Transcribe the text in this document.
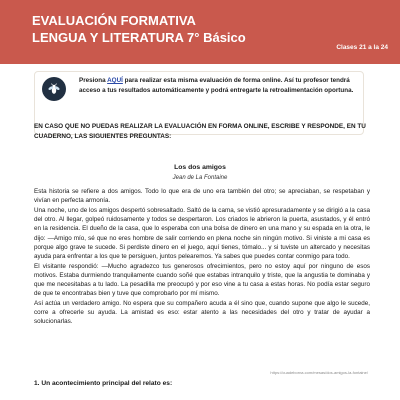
EVALUACIÓN FORMATIVA
LENGUA Y LITERATURA 7° Básico
Clases 21 a la 24
Presiona AQUÍ para realizar esta misma evaluación de forma online. Así tu profesor tendrá acceso a tus resultados automáticamente y podrá entregarte la retroalimentación oportuna.
EN CASO QUE NO PUEDAS REALIZAR LA EVALUACIÓN EN FORMA ONLINE, ESCRIBE Y RESPONDE, EN TU CUADERNO, LAS SIGUIENTES PREGUNTAS:
Los dos amigos
Jean de La Fontaine

Esta historia se refiere a dos amigos. Todo lo que era de uno era también del otro; se apreciaban, se respetaban y vivían en perfecta armonía.

Una noche, uno de los amigos despertó sobresaltado. Saltó de la cama, se vistió apresuradamente y se dirigió a la casa del otro. Al llegar, golpeó ruidosamente y todos se despertaron. Los criados le abrieron la puerta, asustados, y él entró en la residencia. El dueño de la casa, que lo esperaba con una bolsa de dinero en una mano y su espada en la otra, le dijo: —Amigo mío, sé que no eres hombre de salir corriendo en plena noche sin ningún motivo. Si viniste a mi casa es porque algo grave te sucede. Si perdiste dinero en el juego, aquí tienes, tómalo... y si tuviste un altercado y necesitas ayuda para enfrentar a los que te persiguen, juntos pelearemos. Ya sabes que puedes contar conmigo para todo.

El visitante respondió: —Mucho agradezco tus generosos ofrecimientos, pero no estoy aquí por ninguno de esos motivos. Estaba durmiendo tranquilamente cuando soñé que estabas intranquilo y triste, que la angustia te dominaba y que me necesitabas a tu lado. La pesadilla me preocupó y por eso vine a tu casa a estas horas. No podía estar seguro de que te encontrabas bien y tuve que comprobarlo por mí mismo.

Así actúa un verdadero amigo. No espera que su compañero acuda a él sino que, cuando supone que algo le sucede, corre a ofrecerle su ayuda. La amistad es eso: estar atento a las necesidades del otro y tratar de ayudar a solucionarlas.

https://cuadeborna.com/mesas/dos-amigos-la-fontaine/
1. Un acontecimiento principal del relato es:
